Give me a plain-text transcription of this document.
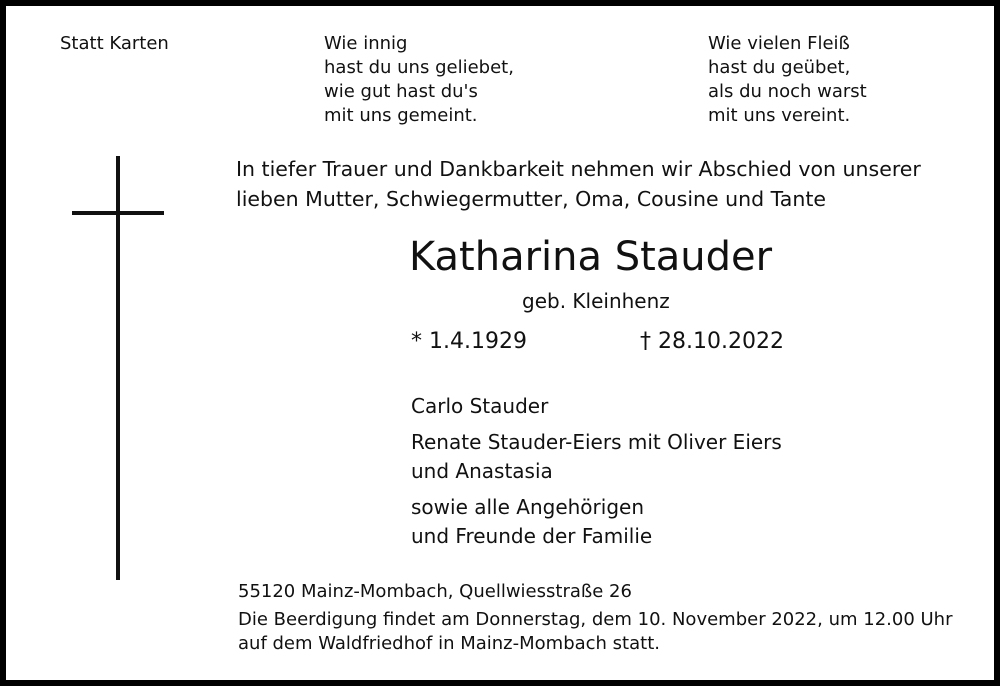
Statt Karten	Wie innig
hast du uns geliebet,
wie gut hast du's
mit uns gemeint.
Wie vielen Fleiß
hast du geübet,
als du noch warst
mit uns vereint.
In tiefer Trauer und Dankbarkeit nehmen wir Abschied von unserer
lieben Mutter, Schwiegermutter, Oma, Cousine und Tante
Katharina Stauder
geb. Kleinhenz
* 1.4.1929	† 28.10.2022
Carlo Stauder
Renate Stauder-Eiers mit Oliver Eiers
und Anastasia
sowie alle Angehörigen
und Freunde der Familie
55120 Mainz-Mombach, Quellwiesstraße 26
Die Beerdigung findet am Donnerstag, dem 10. November 2022, um 12.00 Uhr
auf dem Waldfriedhof in Mainz-Mombach statt.
